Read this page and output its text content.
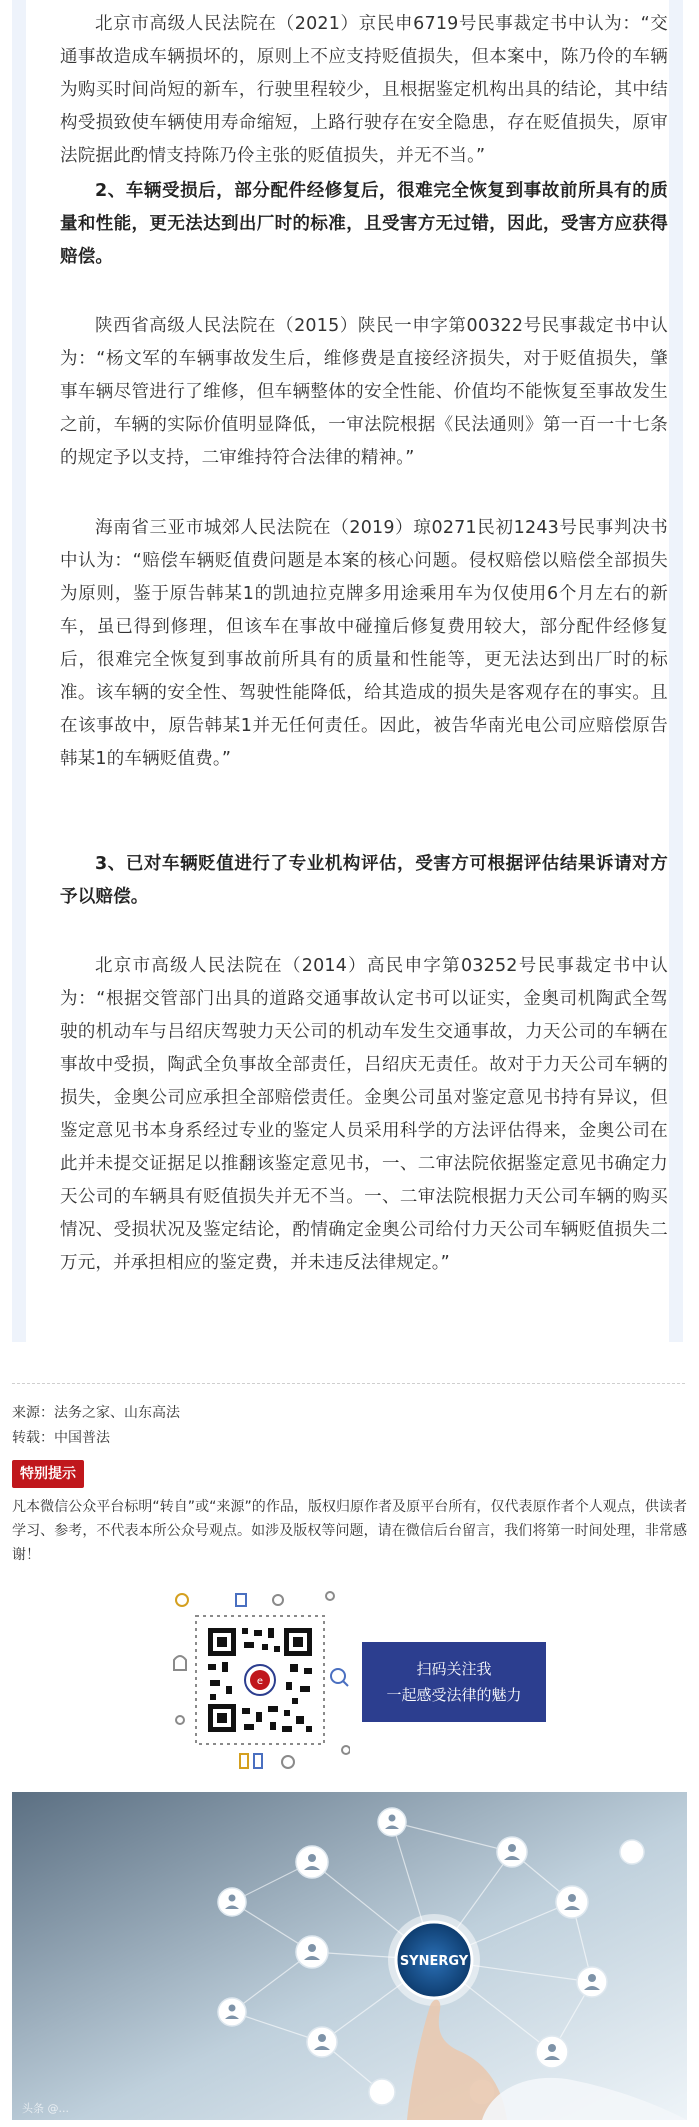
北京市高级人民法院在（2021）京民申6719号民事裁定书中认为：“交通事故造成车辆损坏的，原则上不应支持贬值损失，但本案中，陈乃伶的车辆为购买时间尚短的新车，行驶里程较少，且根据鉴定机构出具的结论，其中结构受损致使车辆使用寿命缩短，上路行驶存在安全隐患，存在贬值损失，原审法院据此酌情支持陈乃伶主张的贬值损失，并无不当。”

2、车辆受损后，部分配件经修复后，很难完全恢复到事故前所具有的质量和性能，更无法达到出厂时的标准，且受害方无过错，因此，受害方应获得赔偿。

陕西省高级人民法院在（2015）陕民一申字第00322号民事裁定书中认为：“杨文军的车辆事故发生后，维修费是直接经济损失，对于贬值损失，肇事车辆尽管进行了维修，但车辆整体的安全性能、价值均不能恢复至事故发生之前，车辆的实际价值明显降低，一审法院根据《民法通则》第一百一十七条的规定予以支持，二审维持符合法律的精神。”

海南省三亚市城郊人民法院在（2019）琼0271民初1243号民事判决书中认为：“赔偿车辆贬值费问题是本案的核心问题。侵权赔偿以赔偿全部损失为原则，鉴于原告韩某1的凯迪拉克牌多用途乘用车为仅使用6个月左右的新车，虽已得到修理，但该车在事故中碰撞后修复费用较大，部分配件经修复后，很难完全恢复到事故前所具有的质量和性能等，更无法达到出厂时的标准。该车辆的安全性、驾驶性能降低，给其造成的损失是客观存在的事实。且在该事故中，原告韩某1并无任何责任。因此，被告华南光电公司应赔偿原告韩某1的车辆贬值费。”

3、已对车辆贬值进行了专业机构评估，受害方可根据评估结果诉请对方予以赔偿。

北京市高级人民法院在（2014）高民申字第03252号民事裁定书中认为：“根据交管部门出具的道路交通事故认定书可以证实，金奥司机陶武全驾驶的机动车与吕绍庆驾驶力天公司的机动车发生交通事故，力天公司的车辆在事故中受损，陶武全负事故全部责任，吕绍庆无责任。故对于力天公司车辆的损失，金奥公司应承担全部赔偿责任。金奥公司虽对鉴定意见书持有异议，但鉴定意见书本身系经过专业的鉴定人员采用科学的方法评估得来，金奥公司在此并未提交证据足以推翻该鉴定意见书，一、二审法院依据鉴定意见书确定力天公司的车辆具有贬值损失并无不当。一、二审法院根据力天公司车辆的购买情况、受损状况及鉴定结论，酌情确定金奥公司给付力天公司车辆贬值损失二万元，并承担相应的鉴定费，并未违反法律规定。”

来源：法务之家、山东高法
转载：中国普法
特别提示
凡本微信公众平台标明“转自”或“来源”的作品，版权归原作者及原平台所有，仅代表原作者个人观点，供读者学习、参考，不代表本所公众号观点。如涉及版权等问题，请在微信后台留言，我们将第一时间处理，非常感谢！
e
扫码关注我
一起感受法律的魅力
SYNERGY
头条 @...
